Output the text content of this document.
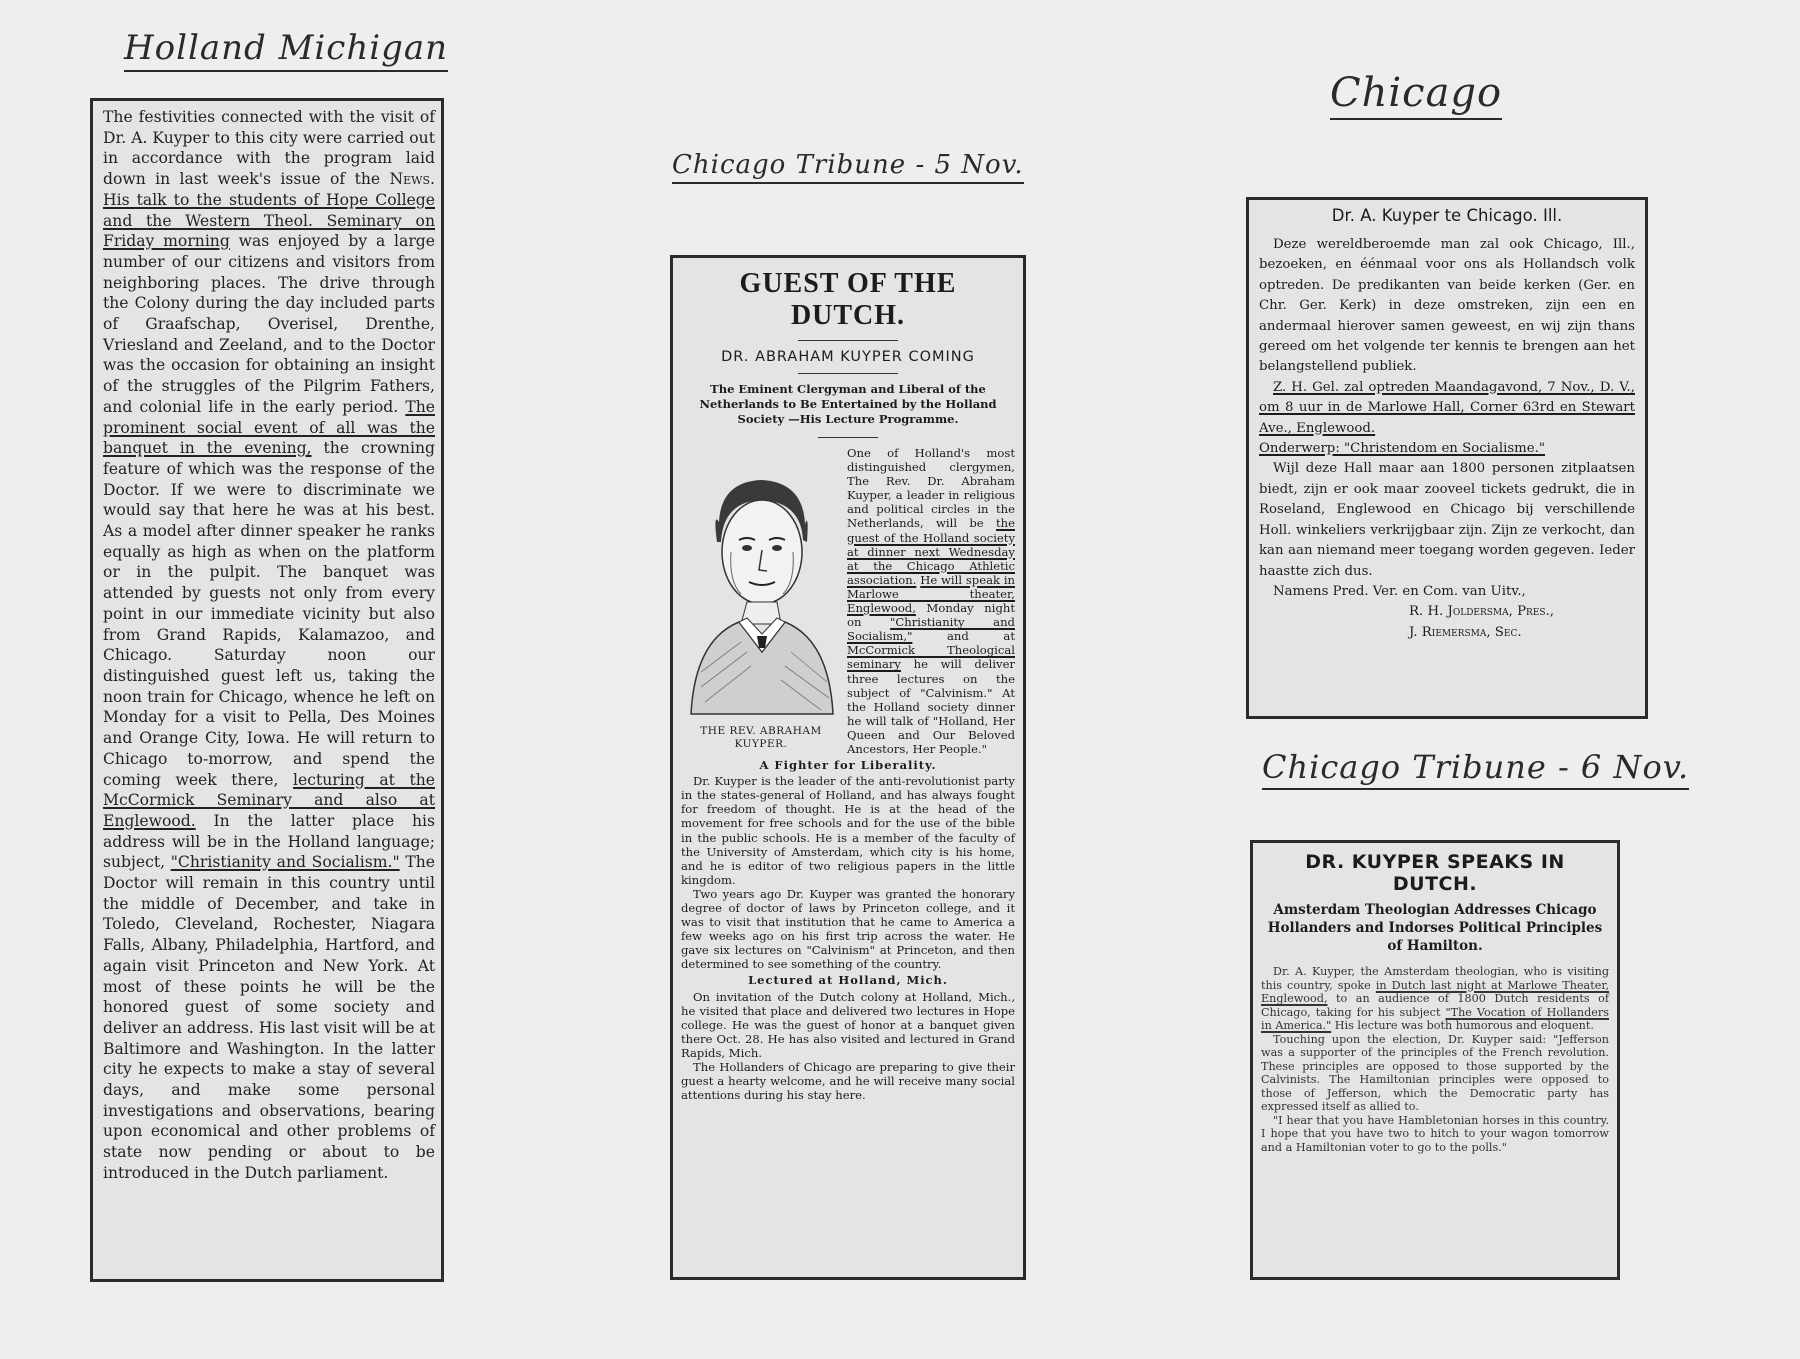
Holland Michigan
Chicago
Chicago Tribune - 5 Nov.
Chicago Tribune - 6 Nov.
The festivities connected with the visit of Dr. A. Kuyper to this city were carried out in accordance with the program laid down in last week's issue of the News. His talk to the students of Hope College and the Western Theol. Seminary on Friday morning was enjoyed by a large number of our citizens and visitors from neighboring places. The drive through the Colony during the day included parts of Graafschap, Overisel, Drenthe, Vriesland and Zeeland, and to the Doctor was the occasion for obtaining an insight of the struggles of the Pilgrim Fathers, and colonial life in the early period. The prominent social event of all was the banquet in the evening, the crowning feature of which was the response of the Doctor. If we were to discriminate we would say that here he was at his best. As a model after dinner speaker he ranks equally as high as when on the platform or in the pulpit. The banquet was attended by guests not only from every point in our immediate vicinity but also from Grand Rapids, Kalamazoo, and Chicago. Saturday noon our distinguished guest left us, taking the noon train for Chicago, whence he left on Monday for a visit to Pella, Des Moines and Orange City, Iowa. He will return to Chicago to-morrow, and spend the coming week there, lecturing at the McCormick Seminary and also at Englewood. In the latter place his address will be in the Holland language; subject, "Christianity and Socialism." The Doctor will remain in this country until the middle of December, and take in Toledo, Cleveland, Rochester, Niagara Falls, Albany, Philadelphia, Hartford, and again visit Princeton and New York. At most of these points he will be the honored guest of some society and deliver an address. His last visit will be at Baltimore and Washington. In the latter city he expects to make a stay of several days, and make some personal investigations and observations, bearing upon economical and other problems of state now pending or about to be introduced in the Dutch parliament.
GUEST OF THE DUTCH.
DR. ABRAHAM KUYPER COMING
The Eminent Clergyman and Liberal of the Netherlands to Be Entertained by the Holland Society —His Lecture Programme.
THE REV. ABRAHAM KUYPER.
One of Holland's most distinguished clergymen, The Rev. Dr. Abraham Kuyper, a leader in religious and political circles in the Netherlands, will be the guest of the Holland society at dinner next Wednesday at the Chicago Athletic association. He will speak in Marlowe theater, Englewood, Monday night on "Christianity and Socialism," and at McCormick Theological seminary he will deliver three lectures on the subject of "Calvinism." At the Holland society dinner he will talk of "Holland, Her Queen and Our Beloved Ancestors, Her People."
A Fighter for Liberality.
Dr. Kuyper is the leader of the anti-revolutionist party in the states-general of Holland, and has always fought for freedom of thought. He is at the head of the movement for free schools and for the use of the bible in the public schools. He is a member of the faculty of the University of Amsterdam, which city is his home, and he is editor of two religious papers in the little kingdom.
Two years ago Dr. Kuyper was granted the honorary degree of doctor of laws by Princeton college, and it was to visit that institution that he came to America a few weeks ago on his first trip across the water. He gave six lectures on "Calvinism" at Princeton, and then determined to see something of the country.
Lectured at Holland, Mich.
On invitation of the Dutch colony at Holland, Mich., he visited that place and delivered two lectures in Hope college. He was the guest of honor at a banquet given there Oct. 28. He has also visited and lectured in Grand Rapids, Mich.
The Hollanders of Chicago are preparing to give their guest a hearty welcome, and he will receive many social attentions during his stay here.
Dr. A. Kuyper te Chicago. Ill.
Deze wereldberoemde man zal ook Chicago, Ill., bezoeken, en éénmaal voor ons als Hollandsch volk optreden. De predikanten van beide kerken (Ger. en Chr. Ger. Kerk) in deze omstreken, zijn een en andermaal hierover samen geweest, en wij zijn thans gereed om het volgende ter kennis te brengen aan het belangstellend publiek.
Z. H. Gel. zal optreden Maandagavond, 7 Nov., D. V., om 8 uur in de Marlowe Hall, Corner 63rd en Stewart Ave., Englewood.
Onderwerp: "Christendom en Socialisme."
Wijl deze Hall maar aan 1800 personen zitplaatsen biedt, zijn er ook maar zooveel tickets gedrukt, die in Roseland, Englewood en Chicago bij verschillende Holl. winkeliers verkrijgbaar zijn. Zijn ze verkocht, dan kan aan niemand meer toegang worden gegeven. Ieder haastte zich dus.
Namens Pred. Ver. en Com. van Uitv.,
R. H. Joldersma, Pres.,
J. Riemersma, Sec.
DR. KUYPER SPEAKS IN DUTCH.
Amsterdam Theologian Addresses Chicago Hollanders and Indorses Political Principles of Hamilton.
Dr. A. Kuyper, the Amsterdam theologian, who is visiting this country, spoke in Dutch last night at Marlowe Theater, Englewood, to an audience of 1800 Dutch residents of Chicago, taking for his subject "The Vocation of Hollanders in America." His lecture was both humorous and eloquent.
Touching upon the election, Dr. Kuyper said: "Jefferson was a supporter of the principles of the French revolution. These principles are opposed to those supported by the Calvinists. The Hamiltonian principles were opposed to those of Jefferson, which the Democratic party has expressed itself as allied to.
"I hear that you have Hambletonian horses in this country. I hope that you have two to hitch to your wagon tomorrow and a Hamiltonian voter to go to the polls."
